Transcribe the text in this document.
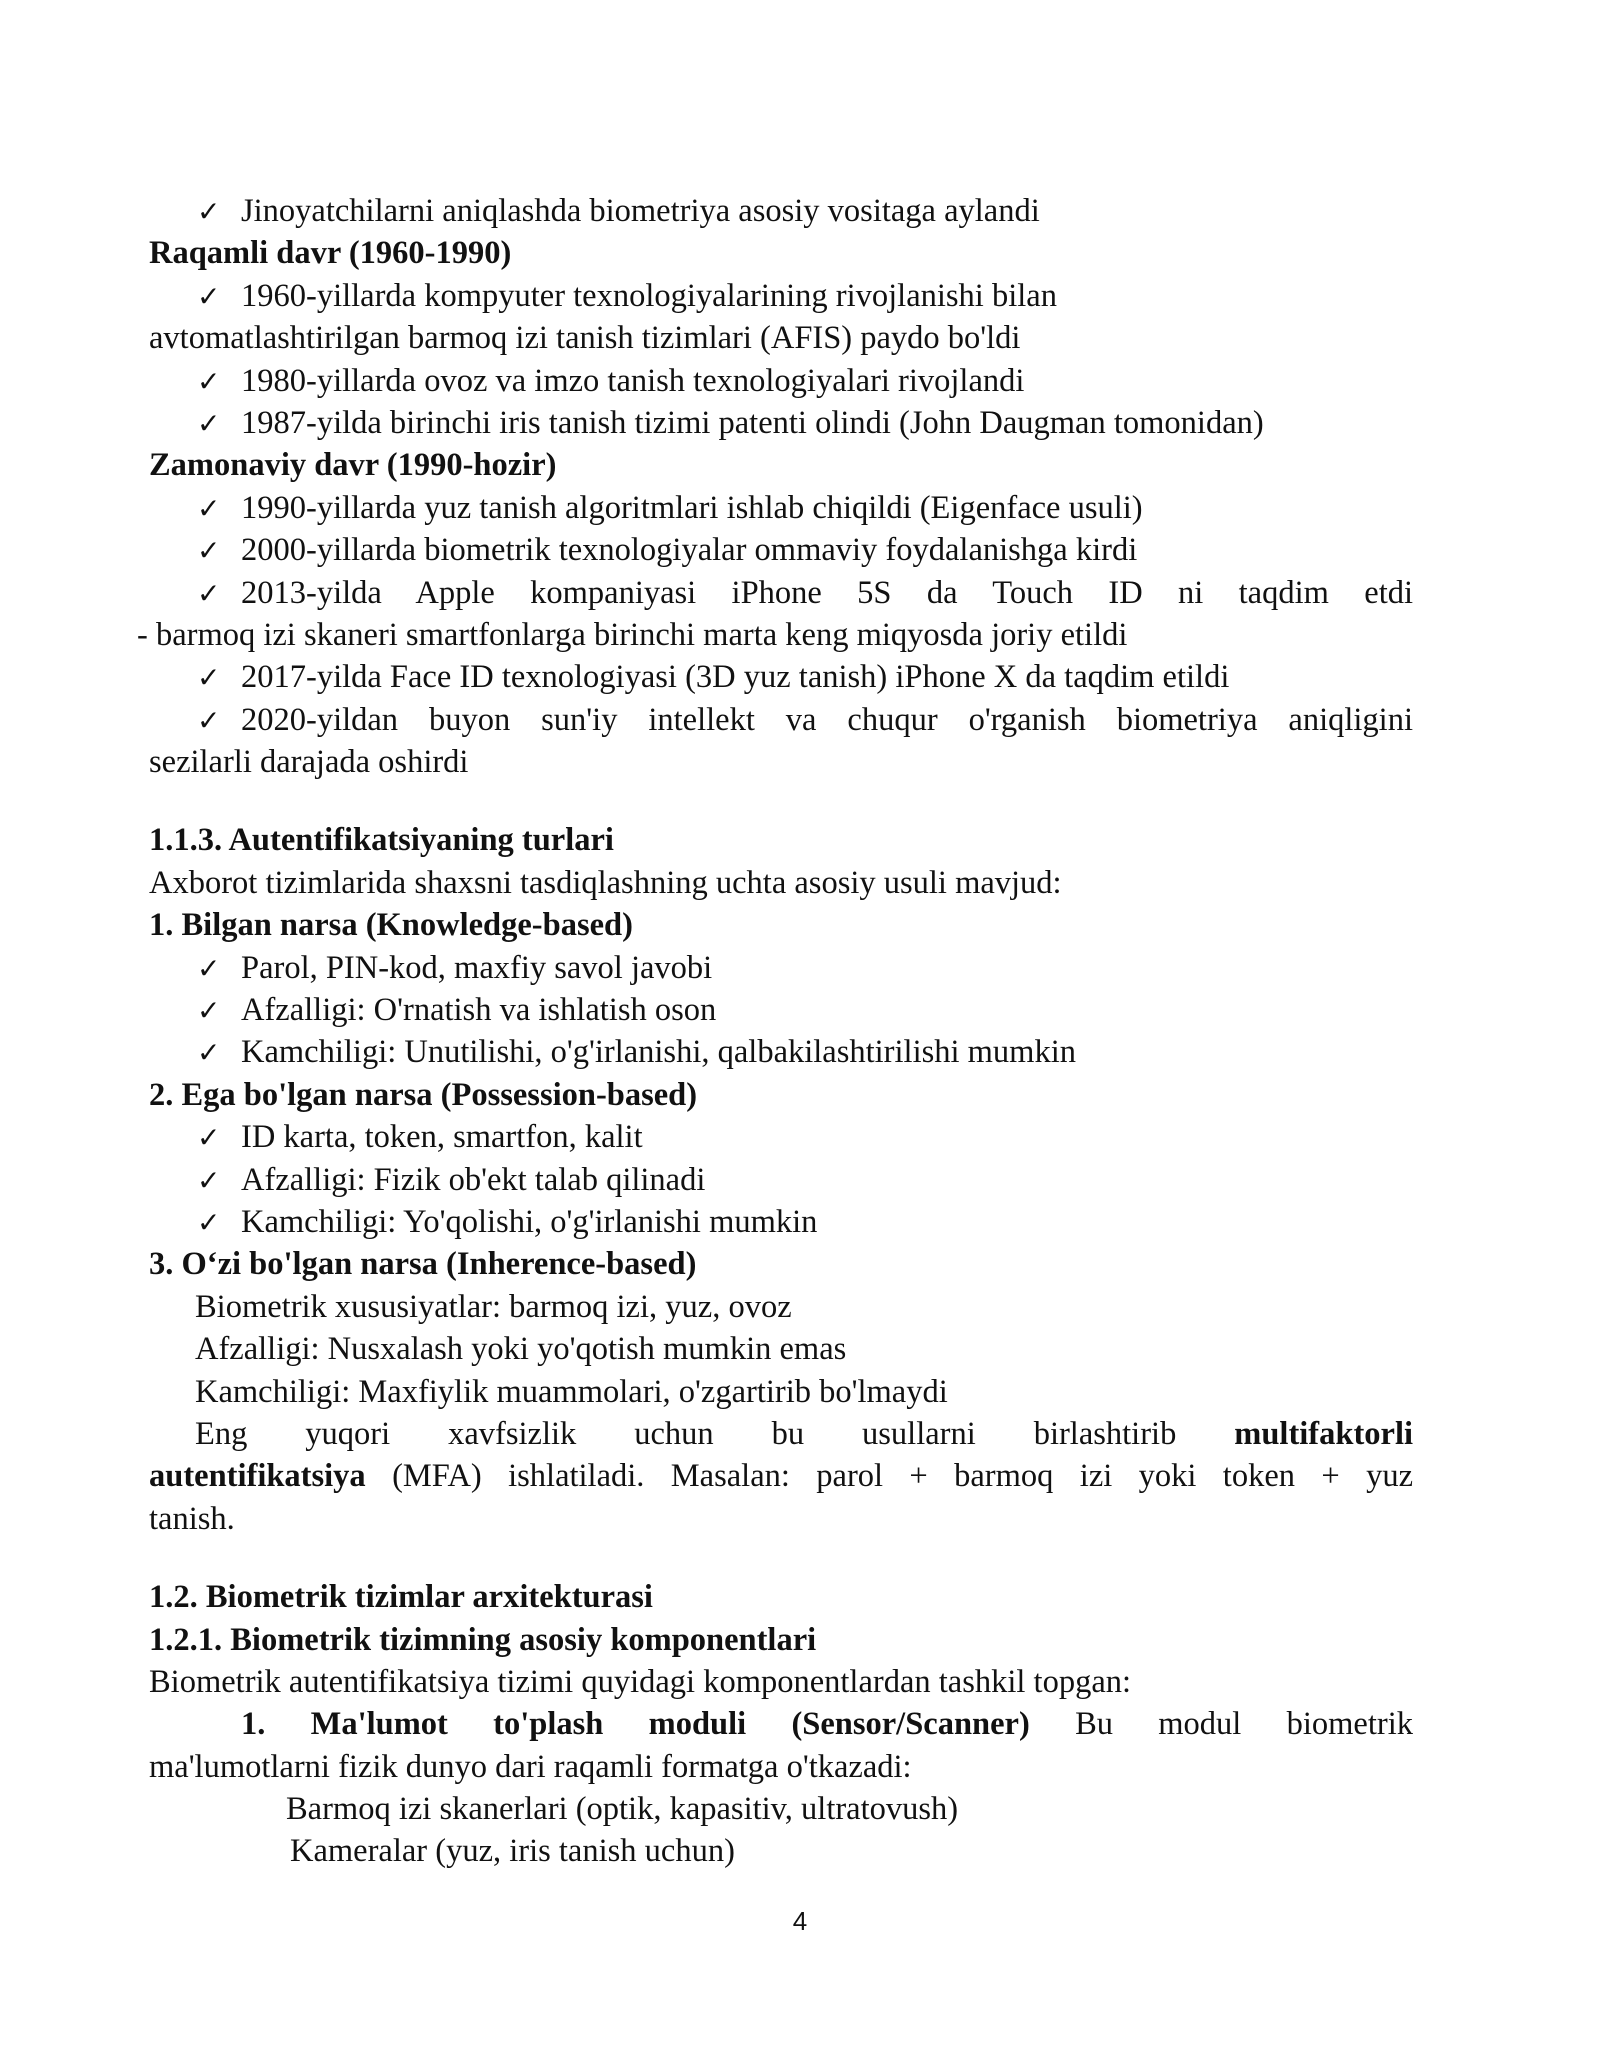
✓ Jinoyatchilarni aniqlashda biometriya asosiy vositaga aylandi
Raqamli davr (1960-1990)
✓ 1960-yillarda kompyuter texnologiyalarining rivojlanishi bilan
avtomatlashtirilgan barmoq izi tanish tizimlari (AFIS) paydo bo'ldi
✓ 1980-yillarda ovoz va imzo tanish texnologiyalari rivojlandi
✓ 1987-yilda birinchi iris tanish tizimi patenti olindi (John Daugman tomonidan)
Zamonaviy davr (1990-hozir)
✓ 1990-yillarda yuz tanish algoritmlari ishlab chiqildi (Eigenface usuli)
✓ 2000-yillarda biometrik texnologiyalar ommaviy foydalanishga kirdi
✓ 2013-yilda Apple kompaniyasi iPhone 5S da Touch ID ni taqdim etdi
- barmoq izi skaneri smartfonlarga birinchi marta keng miqyosda joriy etildi
✓ 2017-yilda Face ID texnologiyasi (3D yuz tanish) iPhone X da taqdim etildi
✓ 2020-yildan buyon sun'iy intellekt va chuqur o'rganish biometriya aniqligini
sezilarli darajada oshirdi
1.1.3. Autentifikatsiyaning turlari
Axborot tizimlarida shaxsni tasdiqlashning uchta asosiy usuli mavjud:
1. Bilgan narsa (Knowledge-based)
✓ Parol, PIN-kod, maxfiy savol javobi
✓ Afzalligi: O'rnatish va ishlatish oson
✓ Kamchiligi: Unutilishi, o'g'irlanishi, qalbakilashtirilishi mumkin
2. Ega bo'lgan narsa (Possession-based)
✓ ID karta, token, smartfon, kalit
✓ Afzalligi: Fizik ob'ekt talab qilinadi
✓ Kamchiligi: Yo'qolishi, o'g'irlanishi mumkin
3. O‘zi bo'lgan narsa (Inherence-based)
Biometrik xususiyatlar: barmoq izi, yuz, ovoz
Afzalligi: Nusxalash yoki yo'qotish mumkin emas
Kamchiligi: Maxfiylik muammolari, o'zgartirib bo'lmaydi
Eng yuqori xavfsizlik uchun bu usullarni birlashtirib multifaktorli
autentifikatsiya (MFA) ishlatiladi. Masalan: parol + barmoq izi yoki token + yuz
tanish.
1.2. Biometrik tizimlar arxitekturasi
1.2.1. Biometrik tizimning asosiy komponentlari
Biometrik autentifikatsiya tizimi quyidagi komponentlardan tashkil topgan:
1. Ma'lumot to'plash moduli (Sensor/Scanner) Bu modul biometrik
ma'lumotlarni fizik dunyo dari raqamli formatga o'tkazadi:
Barmoq izi skanerlari (optik, kapasitiv, ultratovush)
Kameralar (yuz, iris tanish uchun)
4
